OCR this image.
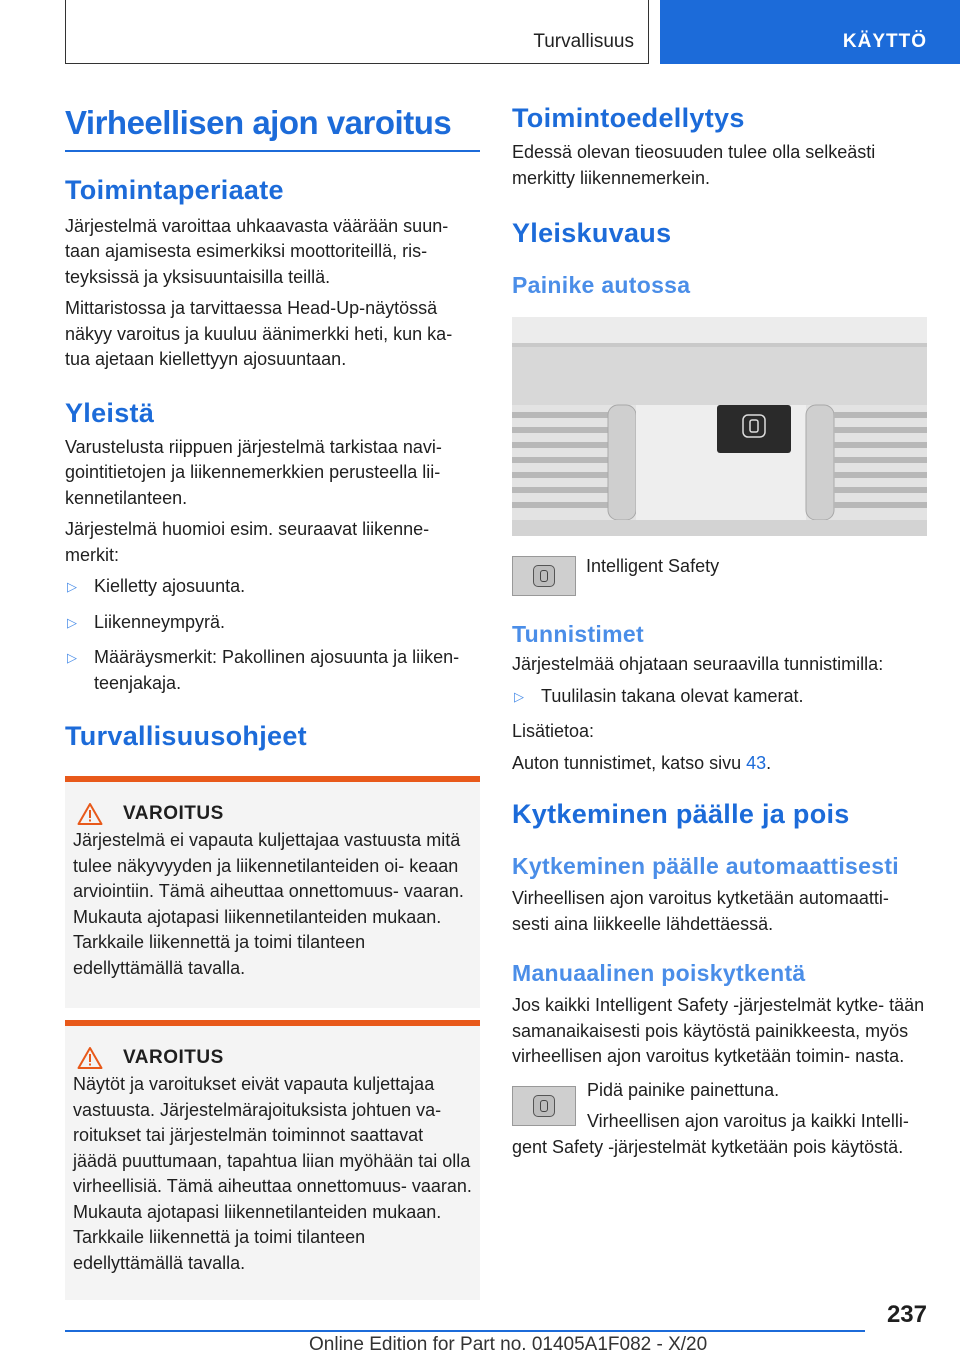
Turvallisuus	KÄYTTÖ
Virheellisen ajon varoitus
Toimintaperiaate

Järjestelmä varoittaa uhkaavasta väärään suun- taan ajamisesta esimerkiksi moottoriteillä, ris- teyksissä ja yksisuuntaisilla teillä.

Mittaristossa ja tarvittaessa Head-Up-näytössä näkyy varoitus ja kuuluu äänimerkki heti, kun ka- tua ajetaan kiellettyyn ajosuuntaan.

Yleistä

Varustelusta riippuen järjestelmä tarkistaa navi- gointitietojen ja liikennemerkkien perusteella lii- kennetilanteen.

Järjestelmä huomioi esim. seuraavat liikenne- merkit:

▷ Kielletty ajosuunta.
▷ Liikenneympyrä.
▷ Määräysmerkit: Pakollinen ajosuunta ja liiken- teenjakaja.
Turvallisuusohjeet
VAROITUS

Järjestelmä ei vapauta kuljettajaa vastuusta mitä tulee näkyvyyden ja liikennetilanteiden oi- keaan arviointiin. Tämä aiheuttaa onnettomuus- vaaran. Mukauta ajotapasi liikennetilanteiden mukaan. Tarkkaile liikennettä ja toimi tilanteen edellyttämällä tavalla.

VAROITUS

Näytöt ja varoitukset eivät vapauta kuljettajaa vastuusta. Järjestelmärajoituksista johtuen va- roitukset tai järjestelmän toiminnot saattavat jäädä puuttumaan, tapahtua liian myöhään tai olla virheellisiä. Tämä aiheuttaa onnettomuus- vaaran. Mukauta ajotapasi liikennetilanteiden mukaan. Tarkkaile liikennettä ja toimi tilanteen edellyttämällä tavalla.

Toimintoedellytys

Edessä olevan tieosuuden tulee olla selkeästi merkitty liikennemerkein.

Yleiskuvaus
Painike autossa

Intelligent Safety

Tunnistimet

Järjestelmää ohjataan seuraavilla tunnistimilla:

▷ Tuulilasin takana olevat kamerat.

Lisätietoa:

Auton tunnistimet, katso sivu 43.

Kytkeminen päälle ja pois
Kytkeminen päälle automaattisesti

Virheellisen ajon varoitus kytketään automaatti- sesti aina liikkeelle lähdettäessä.

Manuaalinen poiskytkentä

Jos kaikki Intelligent Safety -järjestelmät kytke- tään samanaikaisesti pois käytöstä painikkeesta, myös virheellisen ajon varoitus kytketään toimin- nasta.

Pidä painike painettuna.

Virheellisen ajon varoitus ja kaikki Intelli- gent Safety -järjestelmät kytketään pois käytöstä.

237
Online Edition for Part no. 01405A1F082 - X/20
